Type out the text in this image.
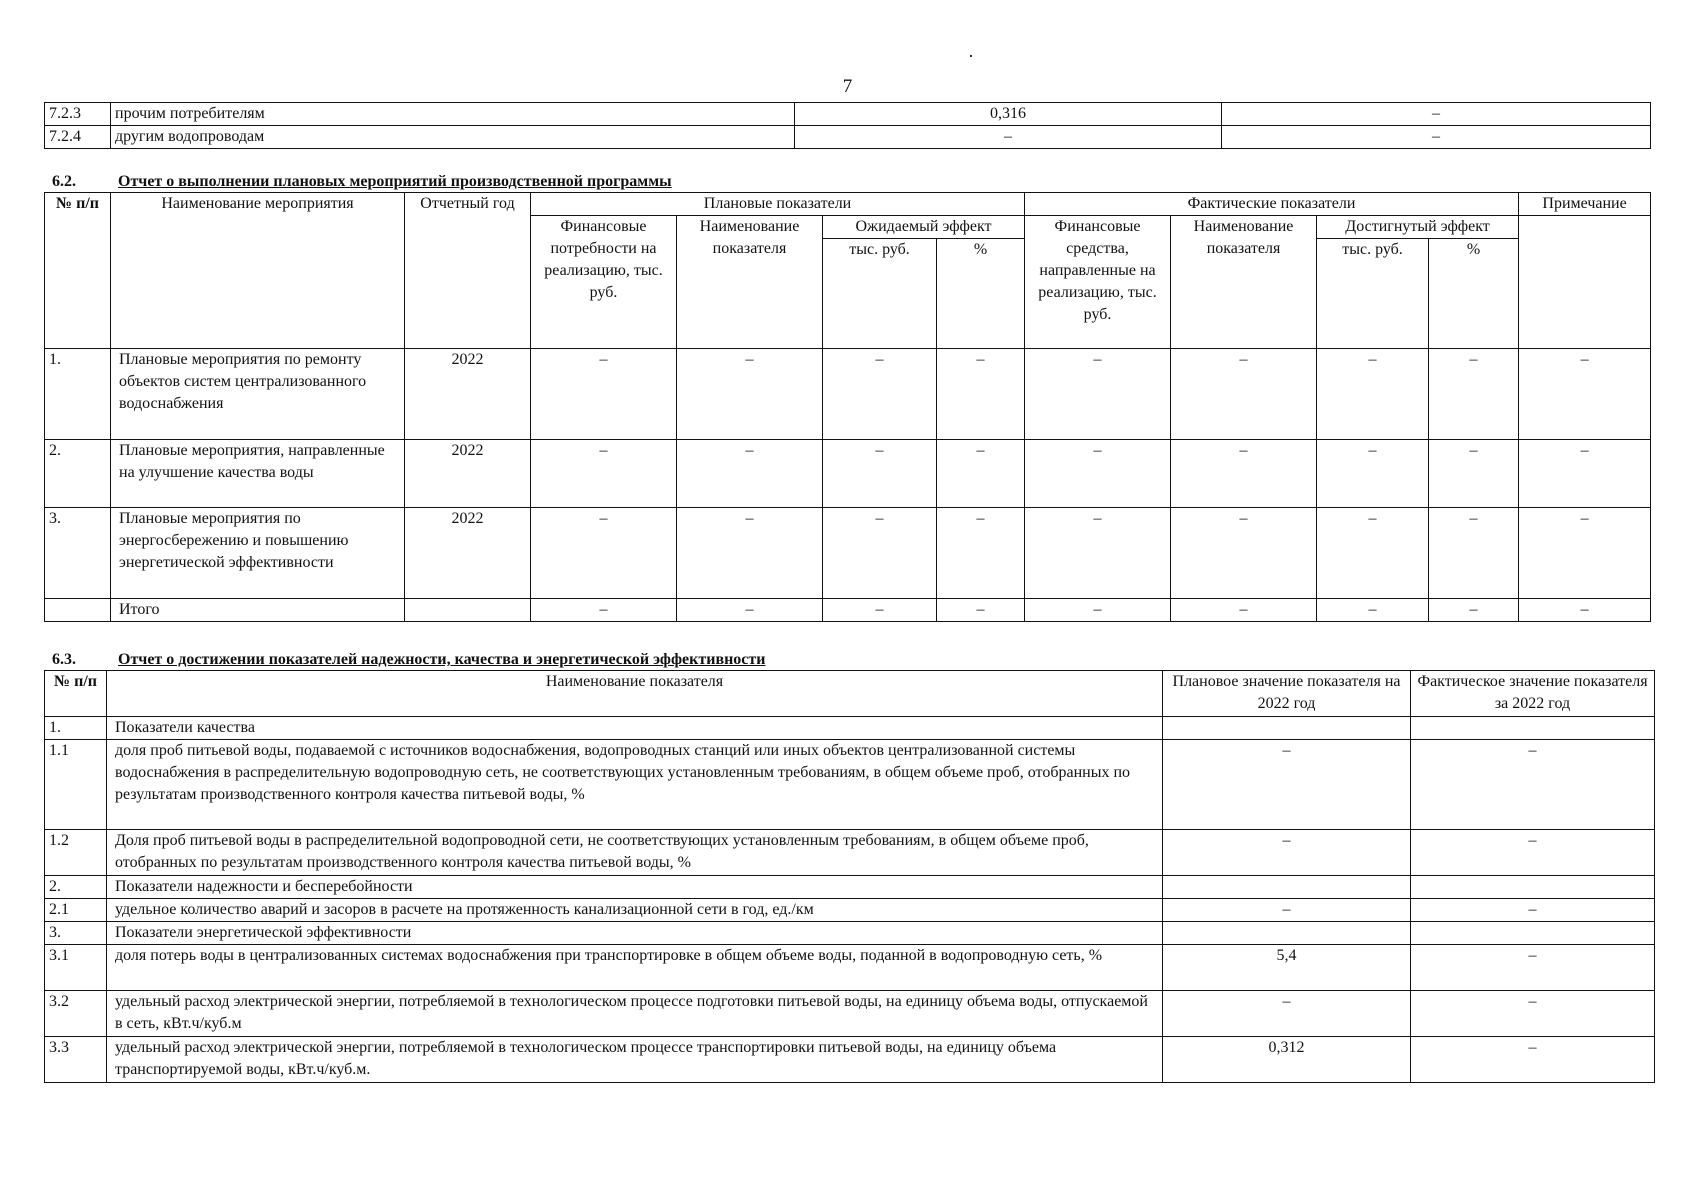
·
7
7.2.3	прочим потребителям	0,316	–
7.2.4	другим водопроводам	–	–
6.2.	Отчет о выполнении плановых мероприятий производственной программы
№ п/п	Наименование мероприятия	Отчетный год	Плановые показатели				Фактические показатели				Примечание
			Финансовые потребности на реализацию, тыс. руб.	Наименование показателя	Ожидаемый эффект		Финансовые средства, направленные на реализацию, тыс. руб.	Наименование показателя	Достигнутый эффект		
					тыс. руб.	%			тыс. руб.	%	
1.	Плановые мероприятия по ремонту объектов систем централизованного водоснабжения	2022	–	–	–	–	–	–	–	–	–
2.	Плановые мероприятия, направленные на улучшение качества воды	2022	–	–	–	–	–	–	–	–	–
3.	Плановые мероприятия по энергосбережению и повышению энергетической эффективности	2022	–	–	–	–	–	–	–	–	–
	Итого		–	–	–	–	–	–	–	–	–
6.3.	Отчет о достижении показателей надежности, качества и энергетической эффективности
№ п/п	Наименование показателя	Плановое значение показателя на 2022 год	Фактическое значение показателя за 2022 год
1.	Показатели качества		
1.1	доля проб питьевой воды, подаваемой с источников водоснабжения, водопроводных станций или иных объектов централизованной системы водоснабжения в распределительную водопроводную сеть, не соответствующих установленным требованиям, в общем объеме проб, отобранных по результатам производственного контроля качества питьевой воды, %	–	–
1.2	Доля проб питьевой воды в распределительной водопроводной сети, не соответствующих установленным требованиям, в общем объеме проб, отобранных по результатам производственного контроля качества питьевой воды, %	–	–
2.	Показатели надежности и бесперебойности		
2.1	удельное количество аварий и засоров в расчете на протяженность канализационной сети в год, ед./км	–	–
3.	Показатели энергетической эффективности		
3.1	доля потерь воды в централизованных системах водоснабжения при транспортировке в общем объеме воды, поданной в водопроводную сеть, %	5,4	–
3.2	удельный расход электрической энергии, потребляемой в технологическом процессе подготовки питьевой воды, на единицу объема воды, отпускаемой в сеть, кВт.ч/куб.м	–	–
3.3	удельный расход электрической энергии, потребляемой в технологическом процессе транспортировки питьевой воды, на единицу объема транспортируемой воды, кВт.ч/куб.м.	0,312	–
